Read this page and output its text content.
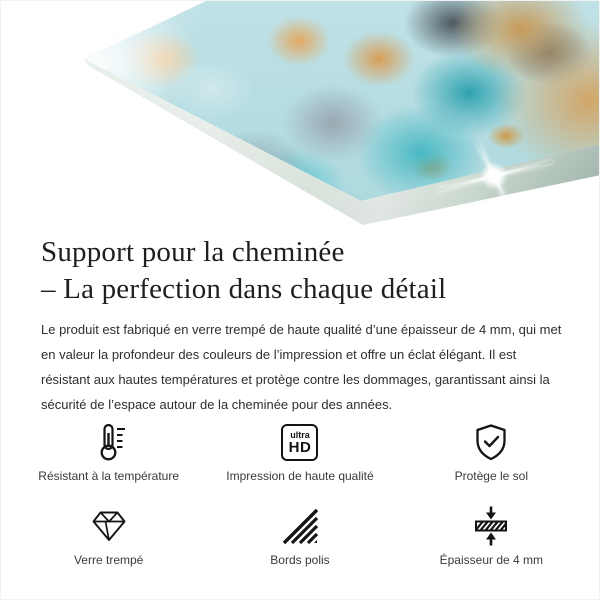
Support pour la cheminée
– La perfection dans chaque détail

Le produit est fabriqué en verre trempé de haute qualité d’une épaisseur de 4 mm, qui met en valeur la profondeur des couleurs de l’impression et offre un éclat élégant. Il est résistant aux hautes températures et protège contre les dommages, garantissant ainsi la sécurité de l’espace autour de la cheminée pour des années.

Résistant à la température
ultra
HD
Impression de haute qualité	Protège le sol
Verre trempé	Bords polis	Épaisseur de 4 mm
